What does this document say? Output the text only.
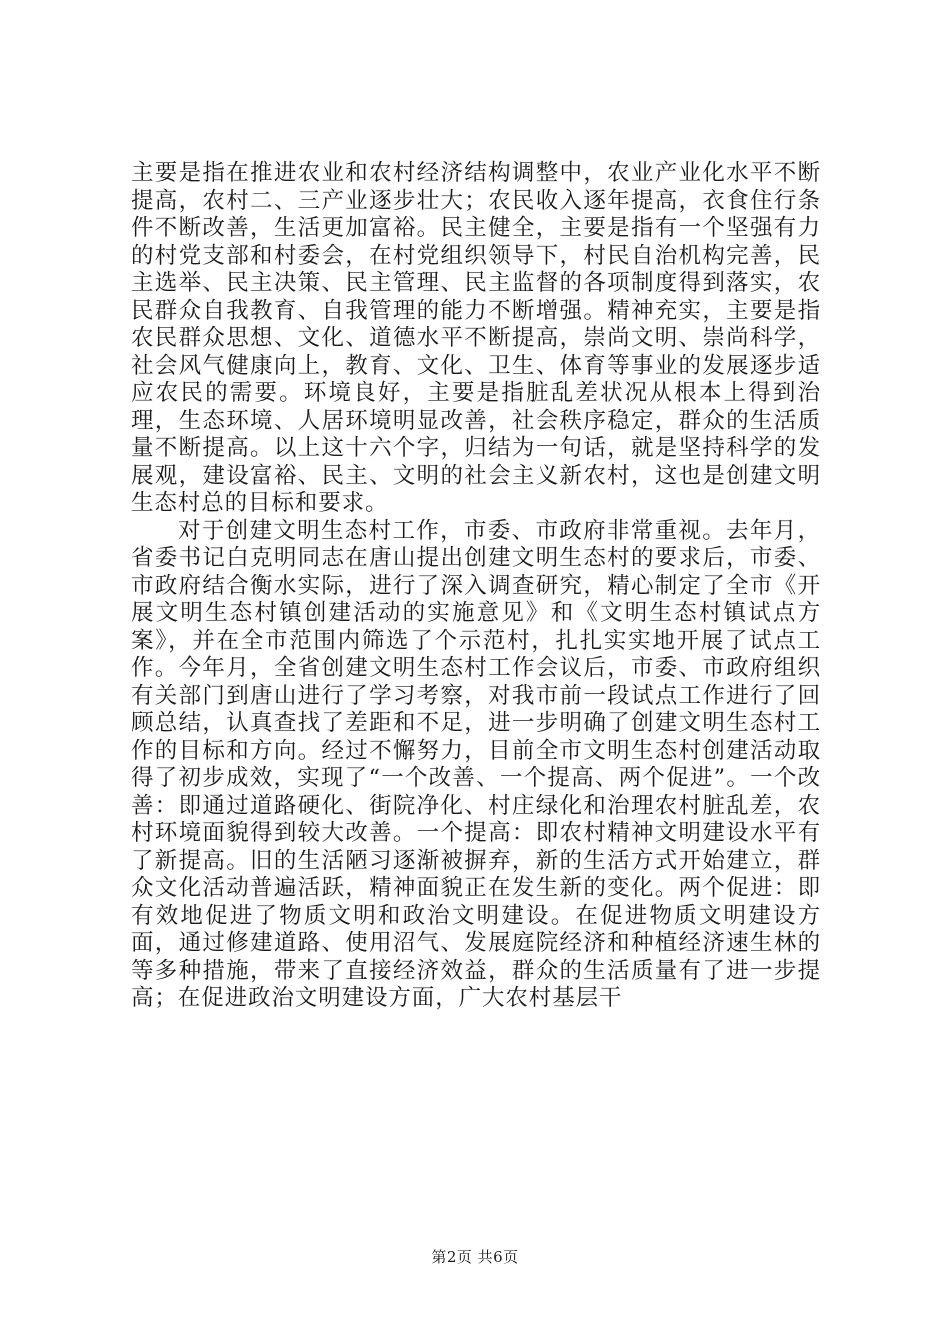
主要是指在推进农业和农村经济结构调整中，农业产业化水平不断提高，农村二、三产业逐步壮大；农民收入逐年提高，衣食住行条件不断改善，生活更加富裕。民主健全，主要是指有一个坚强有力的村党支部和村委会，在村党组织领导下，村民自治机构完善，民主选举、民主决策、民主管理、民主监督的各项制度得到落实，农民群众自我教育、自我管理的能力不断增强。精神充实，主要是指农民群众思想、文化、道德水平不断提高，崇尚文明、崇尚科学，社会风气健康向上，教育、文化、卫生、体育等事业的发展逐步适应农民的需要。环境良好，主要是指脏乱差状况从根本上得到治理，生态环境、人居环境明显改善，社会秩序稳定，群众的生活质量不断提高。以上这十六个字，归结为一句话，就是坚持科学的发展观，建设富裕、民主、文明的社会主义新农村，这也是创建文明生态村总的目标和要求。

对于创建文明生态村工作，市委、市政府非常重视。去年月，省委书记白克明同志在唐山提出创建文明生态村的要求后，市委、市政府结合衡水实际，进行了深入调查研究，精心制定了全市《开展文明生态村镇创建活动的实施意见》和《文明生态村镇试点方案》，并在全市范围内筛选了个示范村，扎扎实实地开展了试点工作。今年月，全省创建文明生态村工作会议后，市委、市政府组织有关部门到唐山进行了学习考察，对我市前一段试点工作进行了回顾总结，认真查找了差距和不足，进一步明确了创建文明生态村工作的目标和方向。经过不懈努力，目前全市文明生态村创建活动取得了初步成效，实现了“一个改善、一个提高、两个促进”。一个改善：即通过道路硬化、街院净化、村庄绿化和治理农村脏乱差，农村环境面貌得到较大改善。一个提高：即农村精神文明建设水平有了新提高。旧的生活陋习逐渐被摒弃，新的生活方式开始建立，群众文化活动普遍活跃，精神面貌正在发生新的变化。两个促进：即有效地促进了物质文明和政治文明建设。在促进物质文明建设方面，通过修建道路、使用沼气、发展庭院经济和种植经济速生林的等多种措施，带来了直接经济效益，群众的生活质量有了进一步提高；在促进政治文明建设方面，广大农村基层干

第2页 共6页
